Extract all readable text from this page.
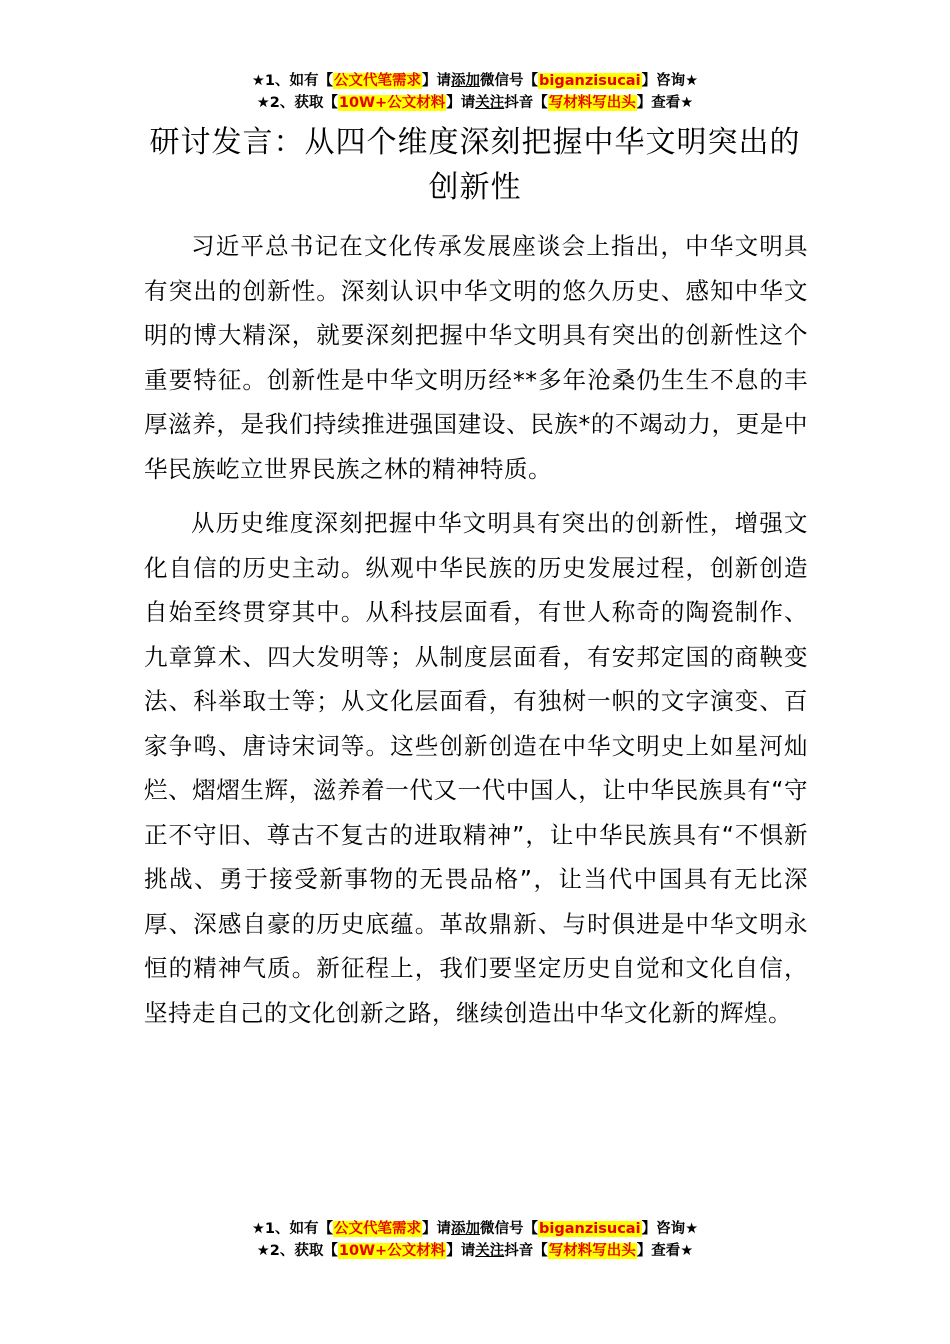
★1、如有【公文代笔需求】请添加微信号【biganzisucai】咨询★
★2、获取【10W+公文材料】请关注抖音【写材料写出头】查看★
研讨发言：从四个维度深刻把握中华文明突出的创新性

习近平总书记在文化传承发展座谈会上指出，中华文明具有突出的创新性。深刻认识中华文明的悠久历史、感知中华文明的博大精深，就要深刻把握中华文明具有突出的创新性这个重要特征。创新性是中华文明历经**多年沧桑仍生生不息的丰厚滋养，是我们持续推进强国建设、民族*的不竭动力，更是中华民族屹立世界民族之林的精神特质。

从历史维度深刻把握中华文明具有突出的创新性，增强文化自信的历史主动。纵观中华民族的历史发展过程，创新创造自始至终贯穿其中。从科技层面看，有世人称奇的陶瓷制作、九章算术、四大发明等；从制度层面看，有安邦定国的商鞅变法、科举取士等；从文化层面看，有独树一帜的文字演变、百家争鸣、唐诗宋词等。这些创新创造在中华文明史上如星河灿烂、熠熠生辉，滋养着一代又一代中国人，让中华民族具有“守正不守旧、尊古不复古的进取精神”，让中华民族具有“不惧新挑战、勇于接受新事物的无畏品格”，让当代中国具有无比深厚、深感自豪的历史底蕴。革故鼎新、与时俱进是中华文明永恒的精神气质。新征程上，我们要坚定历史自觉和文化自信，坚持走自己的文化创新之路，继续创造出中华文化新的辉煌。

★1、如有【公文代笔需求】请添加微信号【biganzisucai】咨询★
★2、获取【10W+公文材料】请关注抖音【写材料写出头】查看★
